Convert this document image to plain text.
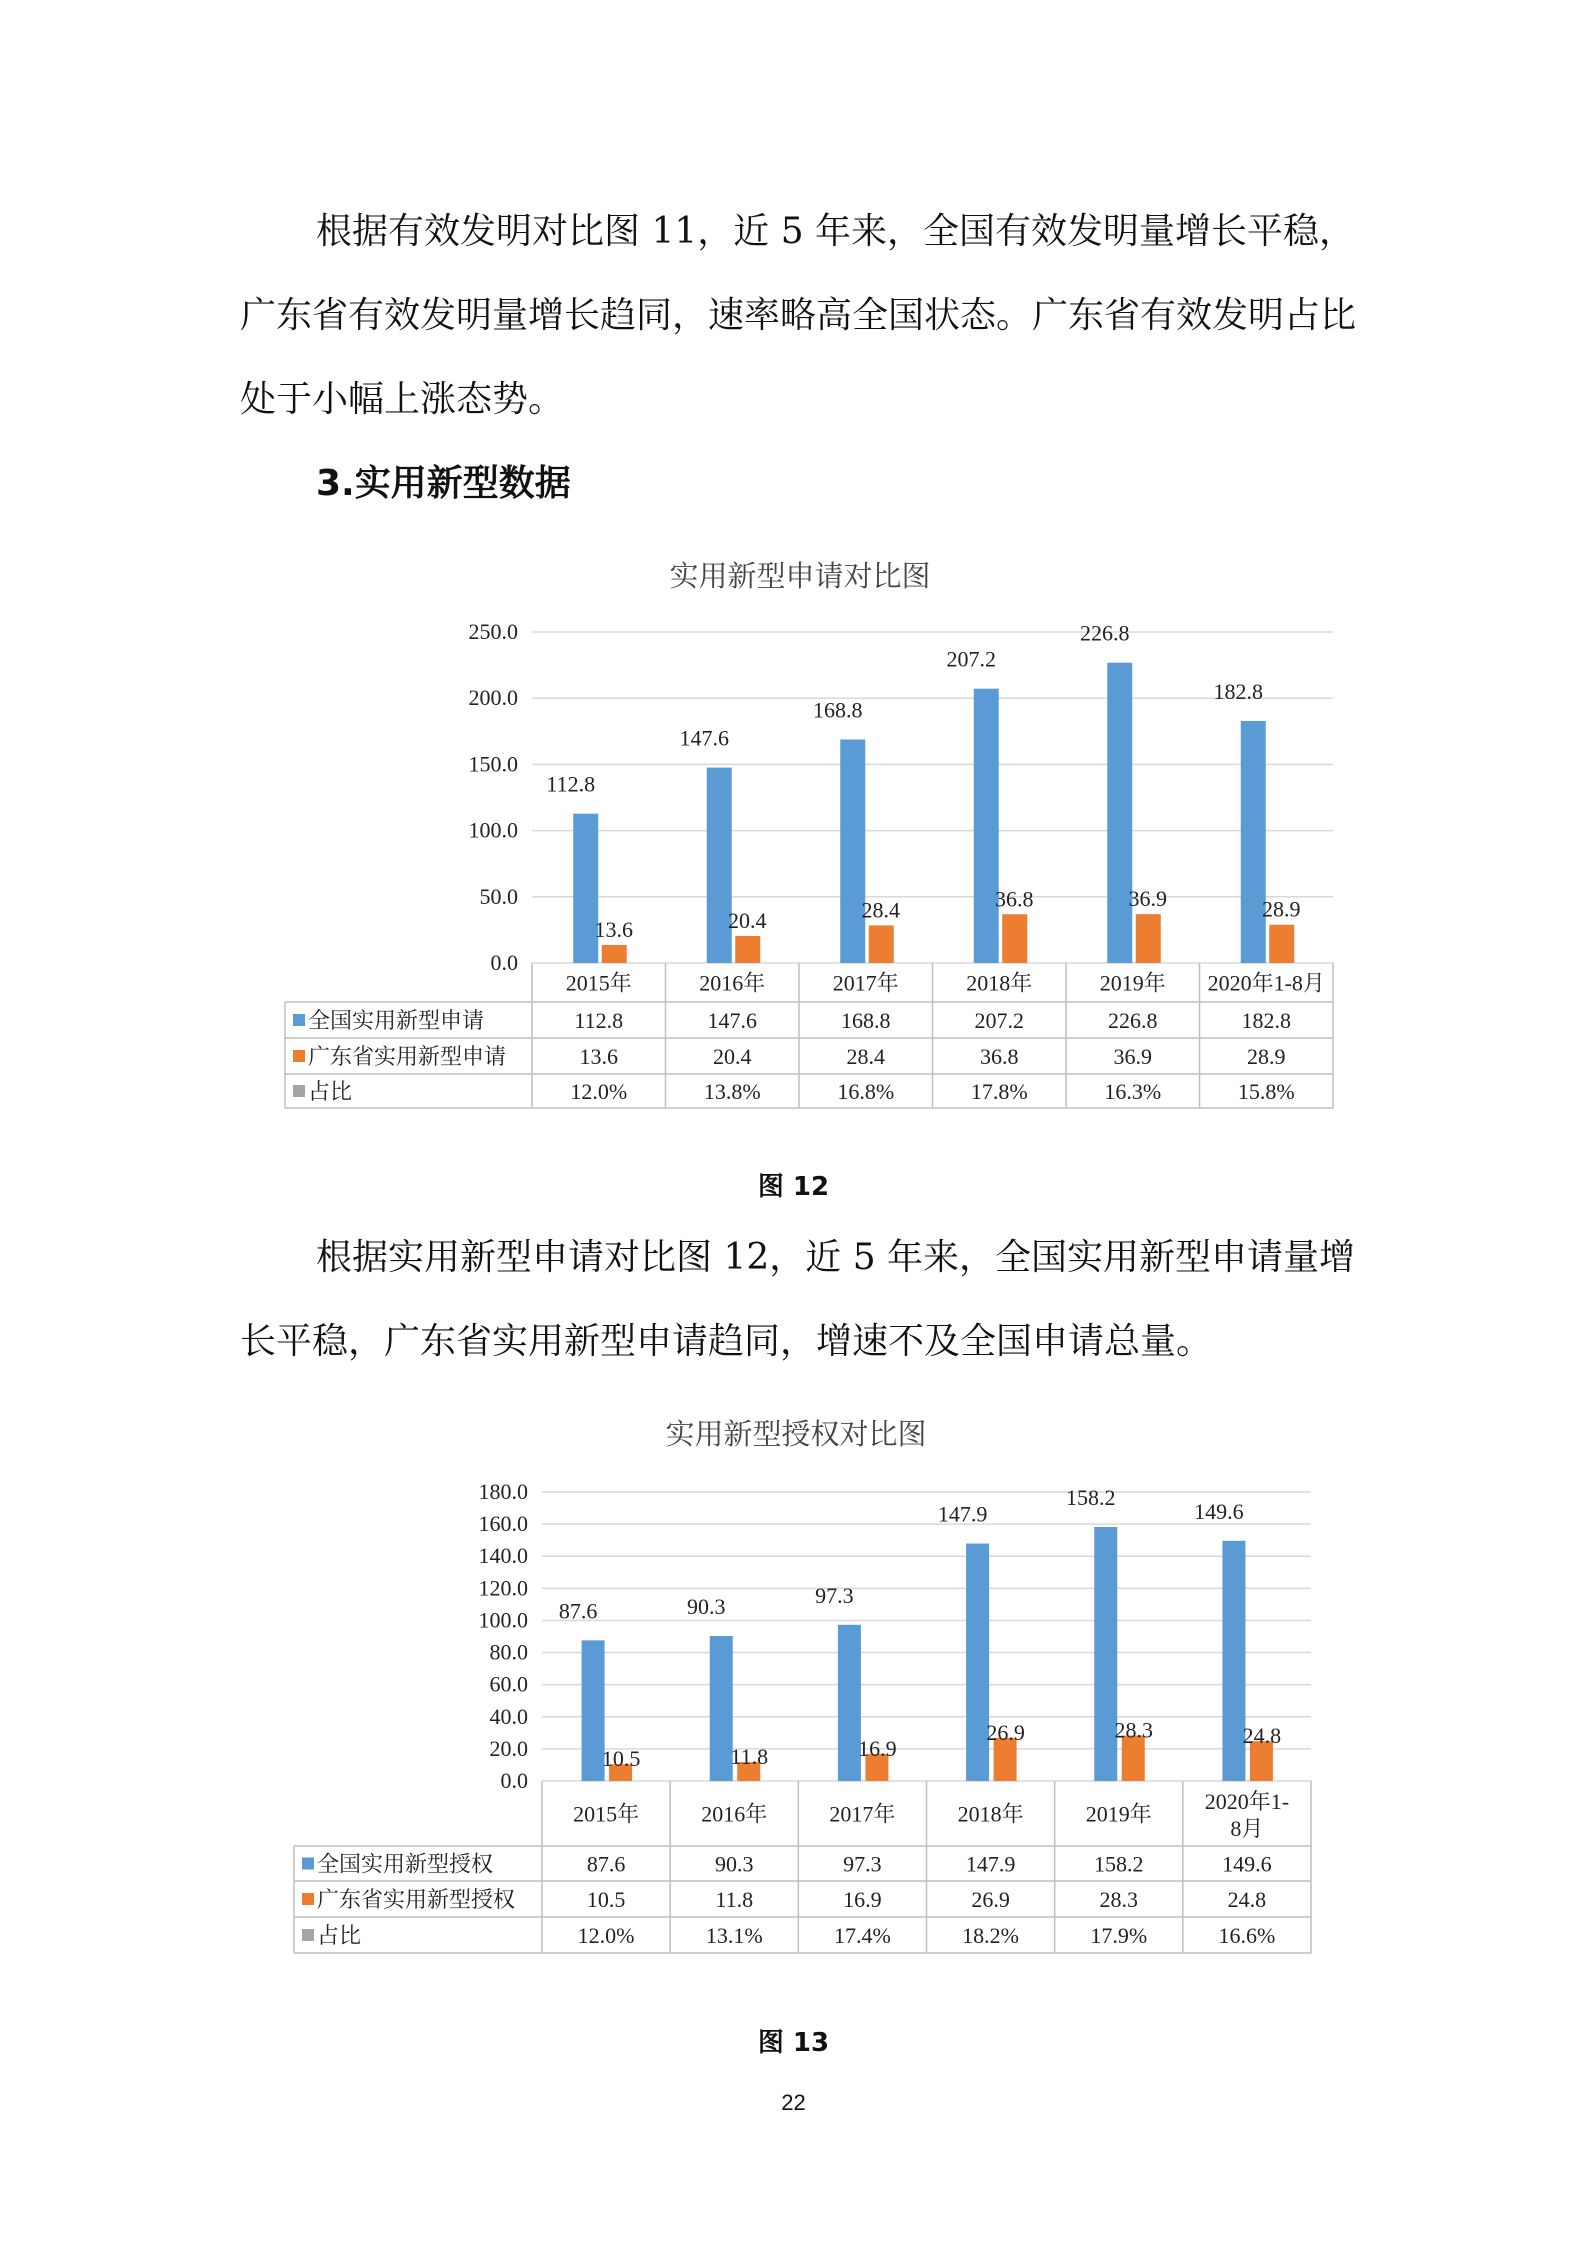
根据有效发明对比图 11，近 5 年来，全国有效发明量增长平稳，广东省有效发明量增长趋同，速率略高全国状态。广东省有效发明占比处于小幅上涨态势。

3.实用新型数据
实用新型申请对比图
250.0
200.0
150.0
100.0
50.0
0.0
112.8
147.6
168.8
207.2
226.8
182.8
13.6	20.4	28.4	36.8	36.9	28.9
2015年	2016年	2017年	2018年	2019年 2020年1-8月
全国实用新型申请	112.8	147.6	168.8	207.2	226.8	182.8
广东省实用新型申请	13.6	20.4	28.4	36.8	36.9	28.9
占比	12.0%	13.8%	16.8%	17.8%	16.3%	15.8%
图 12

根据实用新型申请对比图 12，近 5 年来，全国实用新型申请量增长平稳，广东省实用新型申请趋同，增速不及全国申请总量。

实用新型授权对比图
180.0
160.0
140.0
120.0
100.0
80.0
60.0
40.0
20.0
0.0
87.6	90.3	97.3
147.9
158.2
149.6
10.5	11.8	16.9
26.9	28.3	24.8
2015年	2016年	2017年	2018年	2019年 2020年1-8月
全国实用新型授权	87.6	90.3	97.3	147.9	158.2	149.6
广东省实用新型授权	10.5	11.8	16.9	26.9	28.3	24.8
占比	12.0%	13.1%	17.4%	18.2%	17.9%	16.6%
图 13
22
